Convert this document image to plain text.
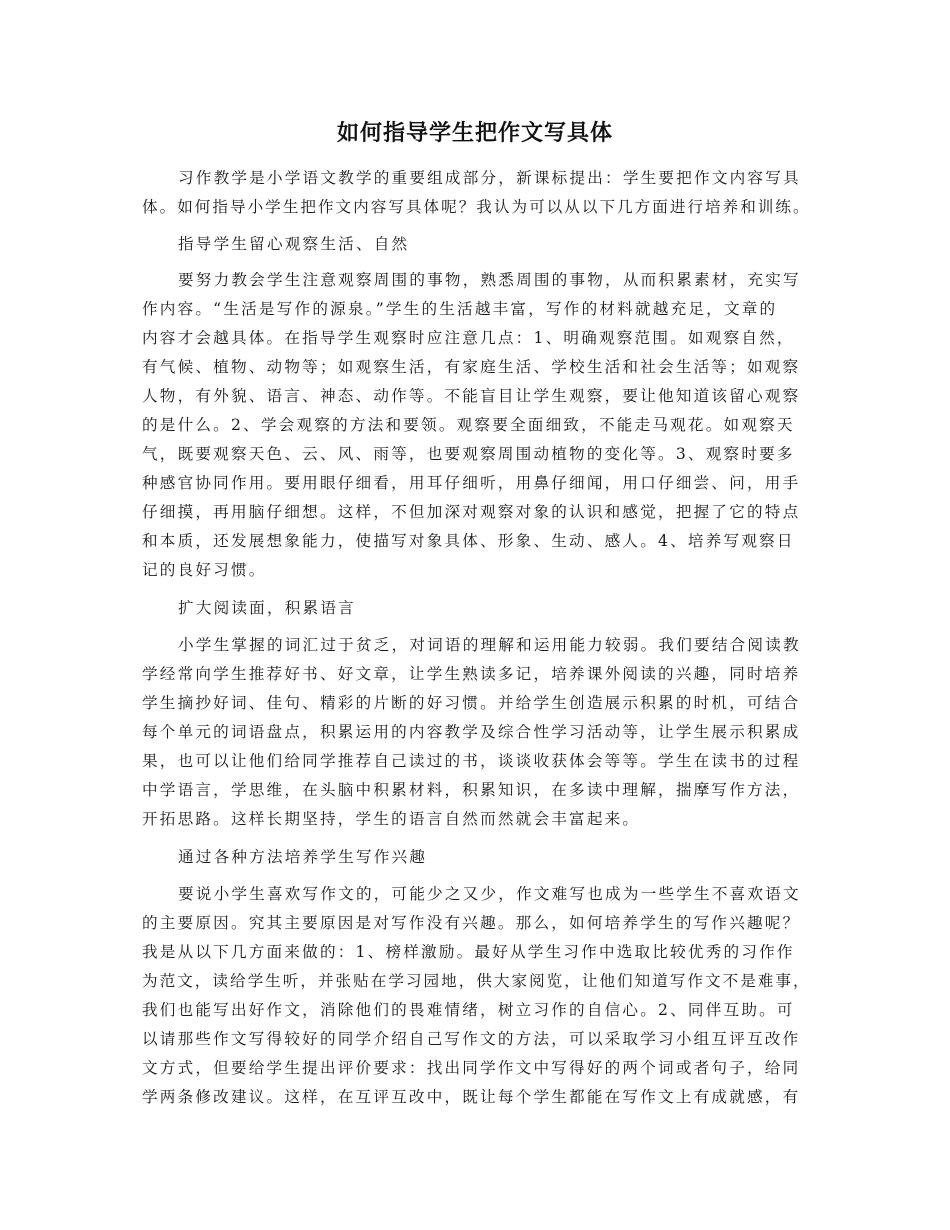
如何指导学生把作文写具体
习作教学是小学语文教学的重要组成部分，新课标提出：学生要把作文内容写具
体。如何指导小学生把作文内容写具体呢？我认为可以从以下几方面进行培养和训练。
指导学生留心观察生活、自然
要努力教会学生注意观察周围的事物，熟悉周围的事物，从而积累素材，充实写
作内容。“生活是写作的源泉。”学生的生活越丰富，写作的材料就越充足，文章的
内容才会越具体。在指导学生观察时应注意几点：1、明确观察范围。如观察自然，
有气候、植物、动物等；如观察生活，有家庭生活、学校生活和社会生活等；如观察
人物，有外貌、语言、神态、动作等。不能盲目让学生观察，要让他知道该留心观察
的是什么。2、学会观察的方法和要领。观察要全面细致，不能走马观花。如观察天
气，既要观察天色、云、风、雨等，也要观察周围动植物的变化等。3、观察时要多
种感官协同作用。要用眼仔细看，用耳仔细听，用鼻仔细闻，用口仔细尝、问，用手
仔细摸，再用脑仔细想。这样，不但加深对观察对象的认识和感觉，把握了它的特点
和本质，还发展想象能力，使描写对象具体、形象、生动、感人。4、培养写观察日
记的良好习惯。
扩大阅读面，积累语言
小学生掌握的词汇过于贫乏，对词语的理解和运用能力较弱。我们要结合阅读教
学经常向学生推荐好书、好文章，让学生熟读多记，培养课外阅读的兴趣，同时培养
学生摘抄好词、佳句、精彩的片断的好习惯。并给学生创造展示积累的时机，可结合
每个单元的词语盘点，积累运用的内容教学及综合性学习活动等，让学生展示积累成
果，也可以让他们给同学推荐自己读过的书，谈谈收获体会等等。学生在读书的过程
中学语言，学思维，在头脑中积累材料，积累知识，在多读中理解，揣摩写作方法，
开拓思路。这样长期坚持，学生的语言自然而然就会丰富起来。
通过各种方法培养学生写作兴趣
要说小学生喜欢写作文的，可能少之又少，作文难写也成为一些学生不喜欢语文
的主要原因。究其主要原因是对写作没有兴趣。那么，如何培养学生的写作兴趣呢？
我是从以下几方面来做的：1、榜样激励。最好从学生习作中选取比较优秀的习作作
为范文，读给学生听，并张贴在学习园地，供大家阅览，让他们知道写作文不是难事，
我们也能写出好作文，消除他们的畏难情绪，树立习作的自信心。2、同伴互助。可
以请那些作文写得较好的同学介绍自己写作文的方法，可以采取学习小组互评互改作
文方式，但要给学生提出评价要求：找出同学作文中写得好的两个词或者句子，给同
学两条修改建议。这样，在互评互改中，既让每个学生都能在写作文上有成就感，有
